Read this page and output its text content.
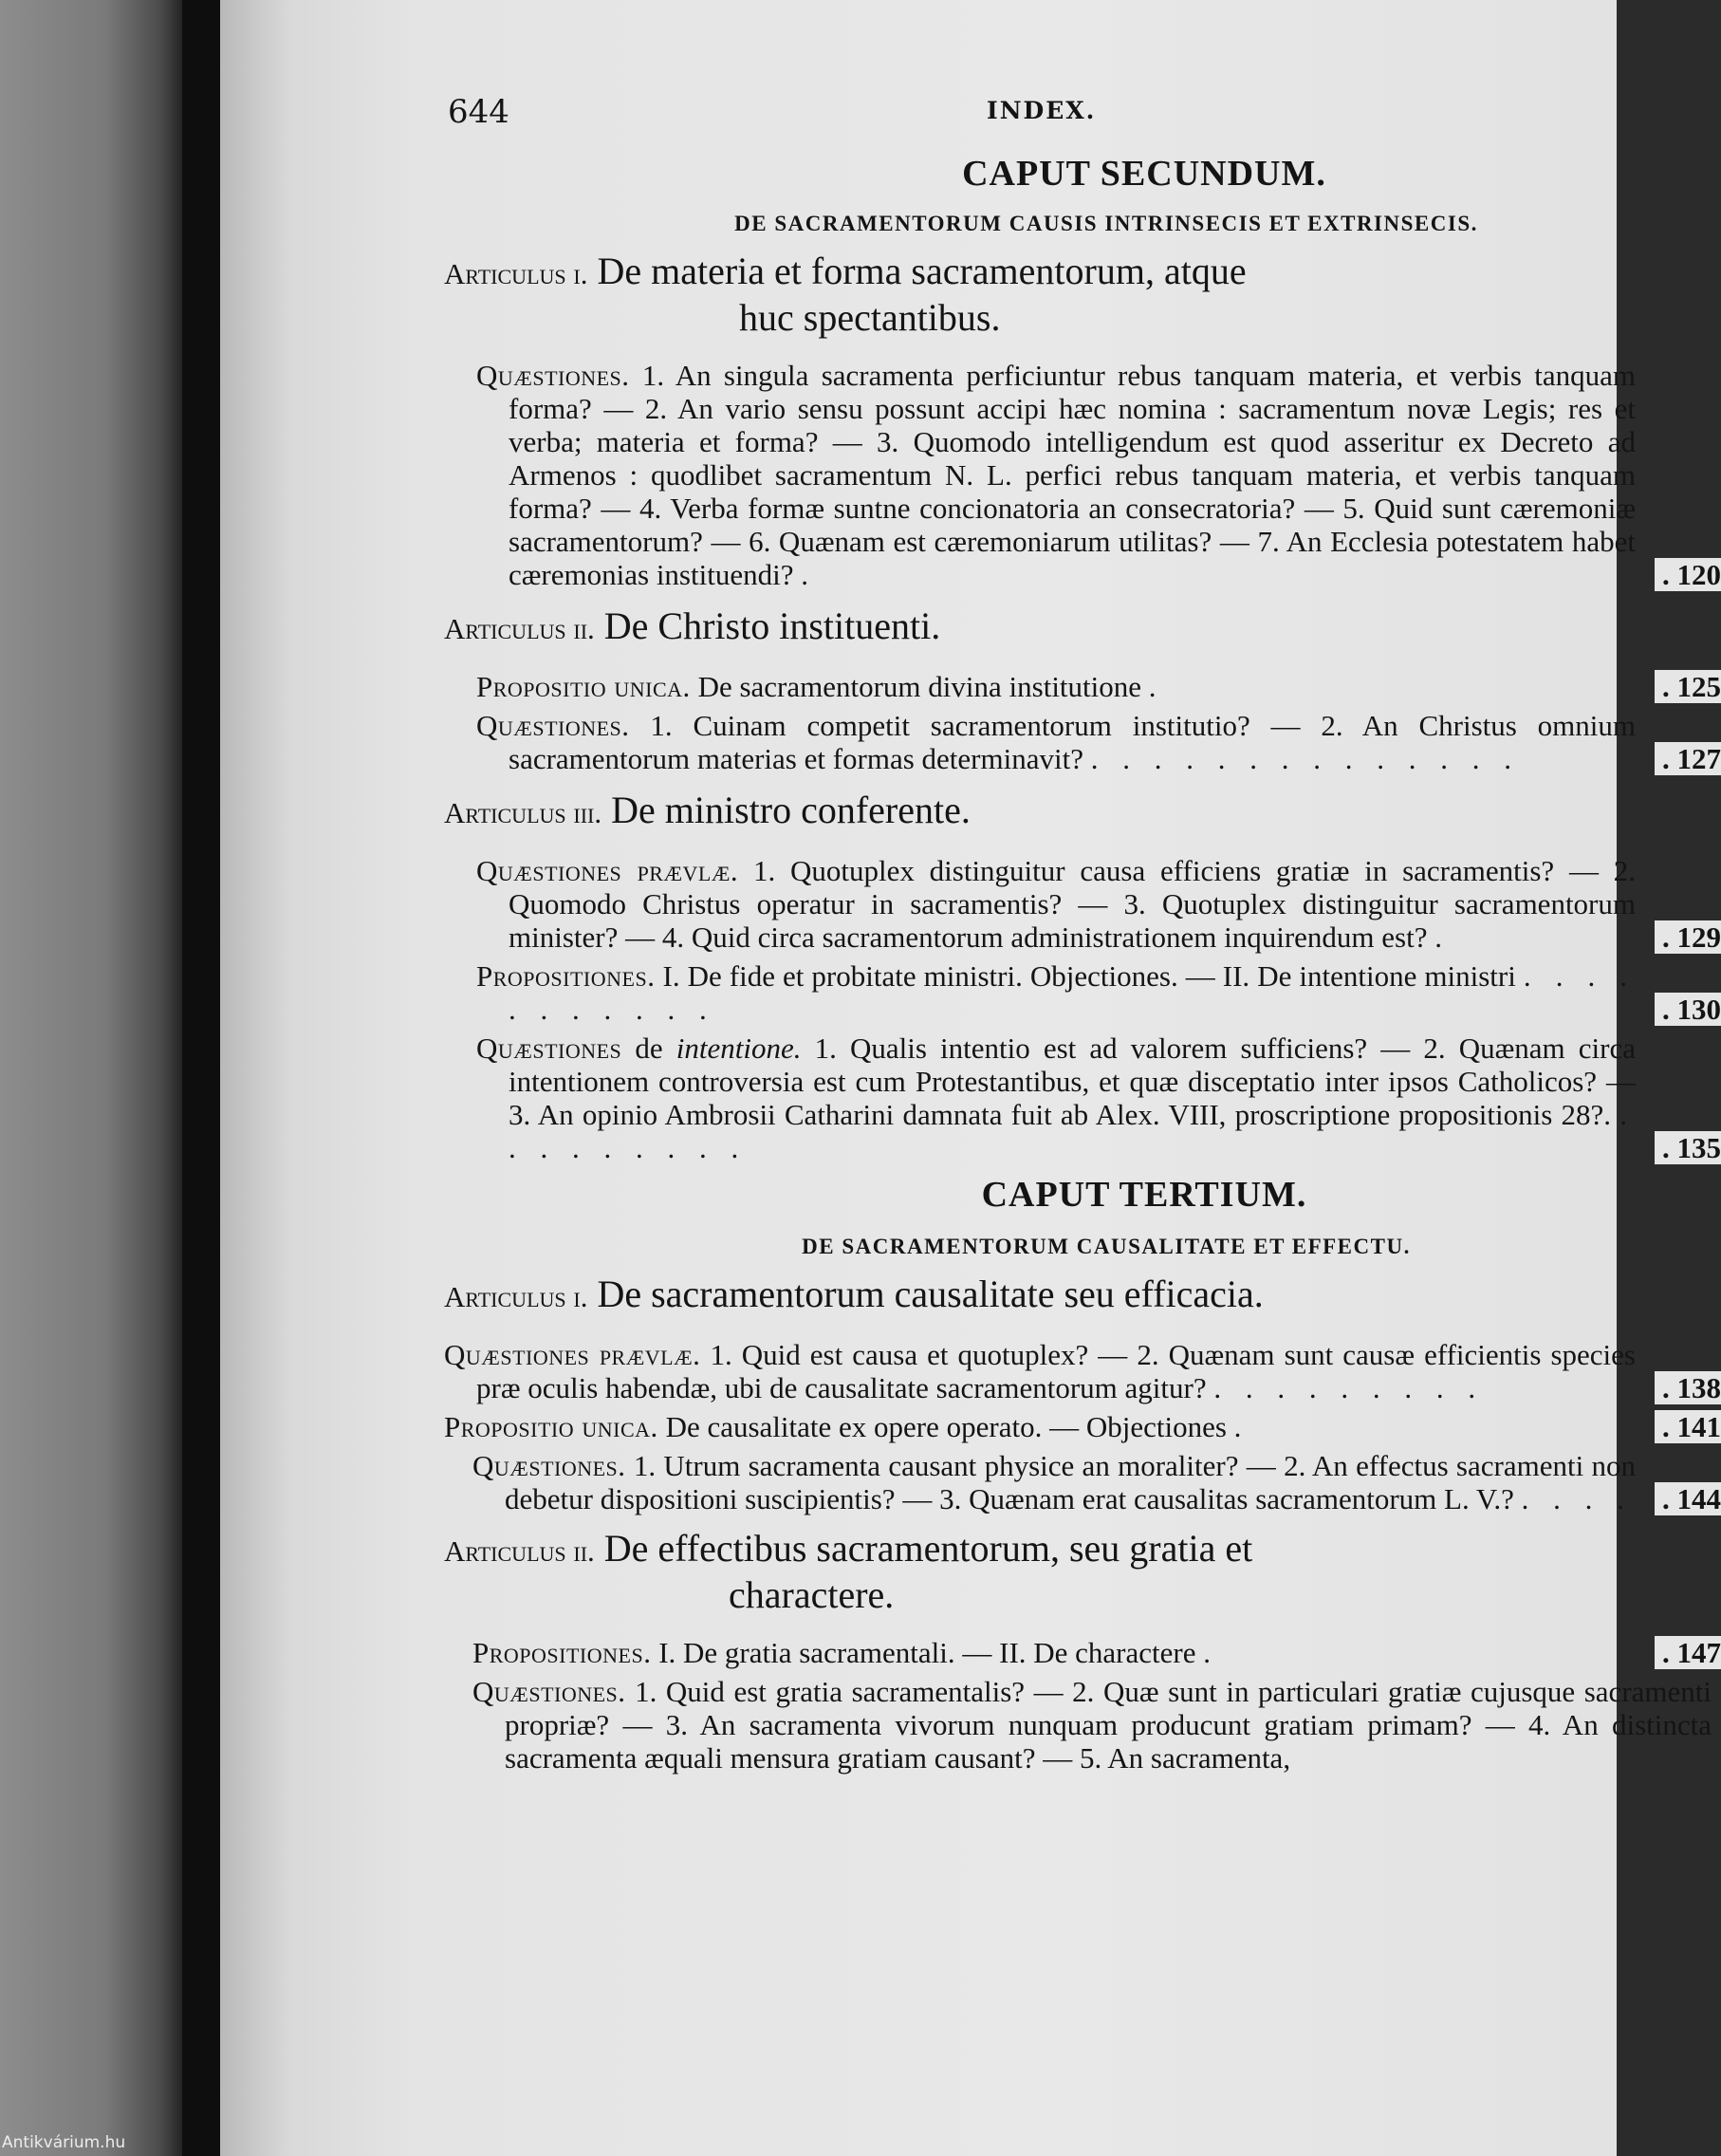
644	INDEX.
CAPUT SECUNDUM.
DE SACRAMENTORUM CAUSIS INTRINSECIS ET EXTRINSECIS.
Articulus i. De materia et forma sacramentorum, atque
huc spectantibus.
Quæstiones. 1. An singula sacramenta perficiuntur rebus tanquam materia, et verbis tanquam forma? — 2. An vario sensu possunt accipi hæc nomina : sacramentum novæ Legis; res et verba; materia et forma? — 3. Quomodo intelligendum est quod asseritur ex Decreto ad Armenos : quodlibet sacramentum N. L. perfici rebus tanquam materia, et verbis tanquam forma? — 4. Verba formæ suntne concionatoria an consecratoria? — 5. Quid sunt cæremoniæ sacramentorum? — 6. Quænam est cæremoniarum utilitas? — 7. An Ecclesia potestatem habet cæremonias instituendi? .	. 120
Articulus ii. De Christo instituenti.
Propositio unica. De sacramentorum divina institutione .	. 125
Quæstiones. 1. Cuinam competit sacramentorum institutio? — 2. An Christus omnium sacramentorum materias et formas determinavit? . . . . . . . . . . . . . .	. 127
Articulus iii. De ministro conferente.
Quæstiones prævlæ. 1. Quotuplex distinguitur causa efficiens gratiæ in sacramentis? — 2. Quomodo Christus operatur in sacramentis? — 3. Quotuplex distinguitur sacramentorum minister? — 4. Quid circa sacramentorum administrationem inquirendum est? .	. 129
Propositiones. I. De fide et probitate ministri. Objectiones. — II. De intentione ministri . . . . . . . . . . .	. 130
Quæstiones de intentione. 1. Qualis intentio est ad valorem sufficiens? — 2. Quænam circa intentionem controversia est cum Protestantibus, et quæ disceptatio inter ipsos Catholicos? — 3. An opinio Ambrosii Catharini damnata fuit ab Alex. VIII, proscriptione propositionis 28?. . . . . . . . . .	. 135
CAPUT TERTIUM.
DE SACRAMENTORUM CAUSALITATE ET EFFECTU.
Articulus i. De sacramentorum causalitate seu efficacia.
Quæstiones prævlæ. 1. Quid est causa et quotuplex? — 2. Quænam sunt causæ efficientis species præ oculis habendæ, ubi de causalitate sacramentorum agitur? . . . . . . . . .	. 138
Propositio unica. De causalitate ex opere operato. — Objectiones .	. 141
Quæstiones. 1. Utrum sacramenta causant physice an moraliter? — 2. An effectus sacramenti non debetur dispositioni suscipientis? — 3. Quænam erat causalitas sacramentorum L. V.? . . . .	. 144
Articulus ii. De effectibus sacramentorum, seu gratia et
charactere.
Propositiones. I. De gratia sacramentali. — II. De charactere .	. 147
Quæstiones. 1. Quid est gratia sacramentalis? — 2. Quæ sunt in particulari gratiæ cujusque sacramenti propriæ? — 3. An sacramenta vivorum nunquam producunt gratiam primam? — 4. An distincta sacramenta æquali mensura gratiam causant? — 5. An sacramenta,
Antikvárium.hu
